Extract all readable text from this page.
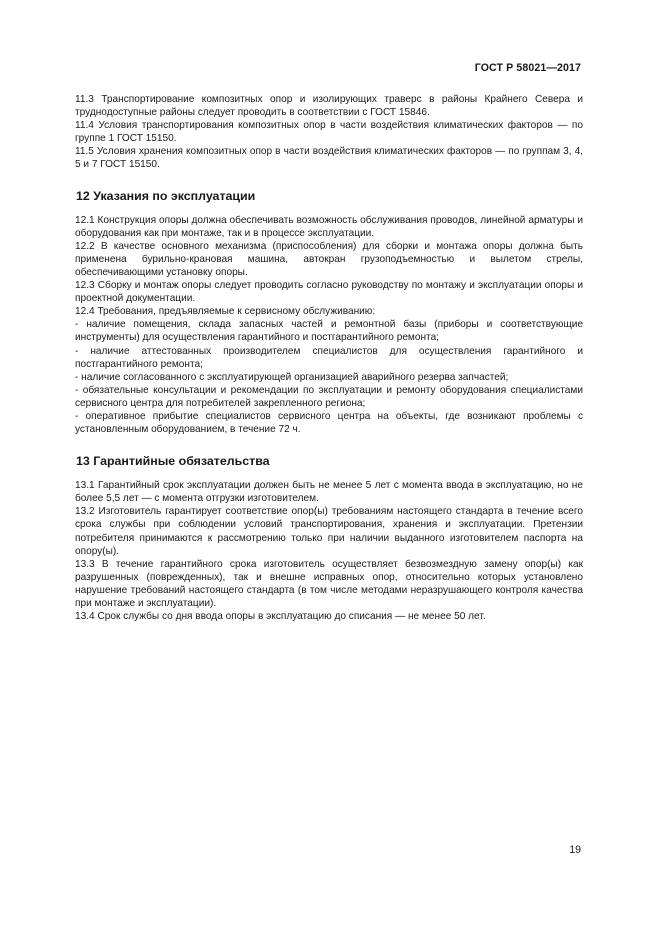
ГОСТ Р 58021—2017

11.3 Транспортирование композитных опор и изолирующих траверс в районы Крайнего Севера и труднодоступные районы следует проводить в соответствии с ГОСТ 15846.

11.4 Условия транспортирования композитных опор в части воздействия климатических факторов — по группе 1 ГОСТ 15150.

11.5 Условия хранения композитных опор в части воздействия климатических факторов — по группам 3, 4, 5 и 7 ГОСТ 15150.

12 Указания по эксплуатации

12.1 Конструкция опоры должна обеспечивать возможность обслуживания проводов, линейной арматуры и оборудования как при монтаже, так и в процессе эксплуатации.

12.2 В качестве основного механизма (приспособления) для сборки и монтажа опоры должна быть применена бурильно-крановая машина, автокран грузоподъемностью и вылетом стрелы, обеспечивающими установку опоры.

12.3 Сборку и монтаж опоры следует проводить согласно руководству по монтажу и эксплуатации опоры и проектной документации.

12.4 Требования, предъявляемые к сервисному обслуживанию:

- наличие помещения, склада запасных частей и ремонтной базы (приборы и соответствующие инструменты) для осуществления гарантийного и постгарантийного ремонта;

- наличие аттестованных производителем специалистов для осуществления гарантийного и постгарантийного ремонта;

- наличие согласованного с эксплуатирующей организацией аварийного резерва запчастей;

- обязательные консультации и рекомендации по эксплуатации и ремонту оборудования специалистами сервисного центра для потребителей закрепленного региона;

- оперативное прибытие специалистов сервисного центра на объекты, где возникают проблемы с установленным оборудованием, в течение 72 ч.

13 Гарантийные обязательства

13.1 Гарантийный срок эксплуатации должен быть не менее 5 лет с момента ввода в эксплуатацию, но не более 5,5 лет — с момента отгрузки изготовителем.

13.2 Изготовитель гарантирует соответствие опор(ы) требованиям настоящего стандарта в течение всего срока службы при соблюдении условий транспортирования, хранения и эксплуатации. Претензии потребителя принимаются к рассмотрению только при наличии выданного изготовителем паспорта на опору(ы).

13.3 В течение гарантийного срока изготовитель осуществляет безвозмездную замену опор(ы) как разрушенных (поврежденных), так и внешне исправных опор, относительно которых установлено нарушение требований настоящего стандарта (в том числе методами неразрушающего контроля качества при монтаже и эксплуатации).

13.4 Срок службы со дня ввода опоры в эксплуатацию до списания — не менее 50 лет.

19
